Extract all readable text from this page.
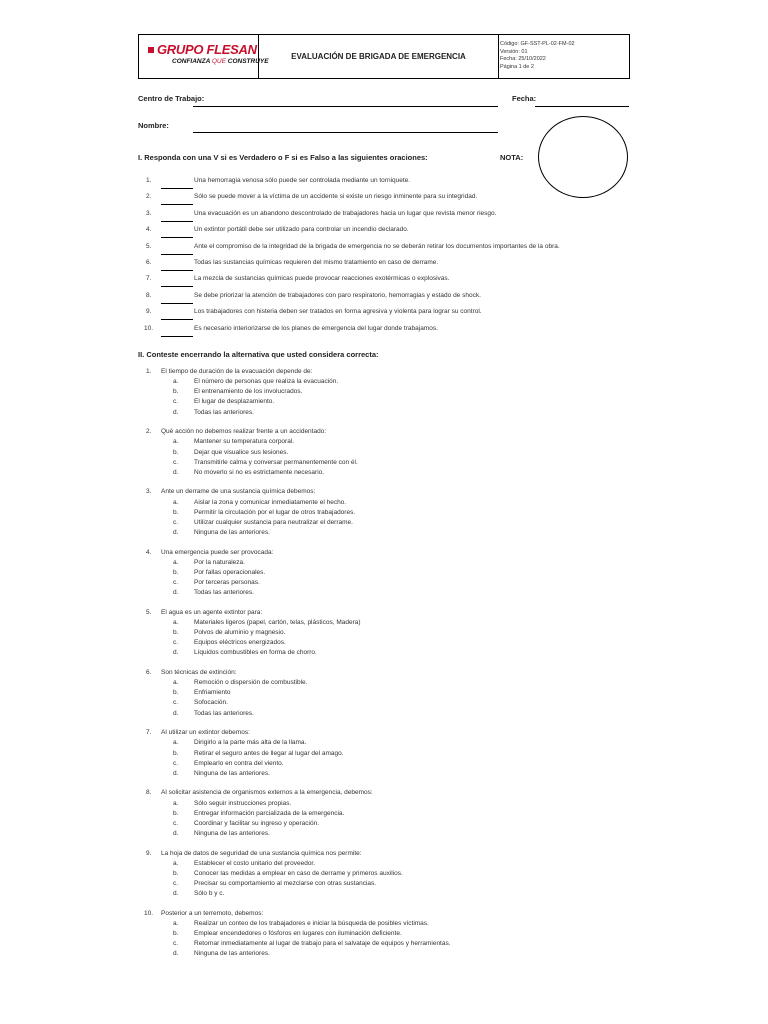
GRUPO FLESAN
CONFIANZA QUE CONSTRUYE
EVALUACIÓN DE BRIGADA DE EMERGENCIA
Código: GF-SST-PL-02-FM-02
Versión: 01
Fecha: 25/10/2022
Página 1 de 2
Centro de Trabajo:	Fecha:
Nombre:
I. Responda con una V si es Verdadero o F si es Falso a las siguientes oraciones:	NOTA:
1.	Una hemorragia venosa sólo puede ser controlada mediante un torniquete.
2.	Sólo se puede mover a la víctima de un accidente si existe un riesgo inminente para su integridad.
3.	Una evacuación es un abandono descontrolado de trabajadores hacia un lugar que revista menor riesgo.
4.	Un extintor portátil debe ser utilizado para controlar un incendio declarado.
5.	Ante el compromiso de la integridad de la brigada de emergencia no se deberán retirar los documentos importantes de la obra.
6.	Todas las sustancias químicas requieren del mismo tratamiento en caso de derrame.
7.	La mezcla de sustancias químicas puede provocar reacciones exotérmicas o explosivas.
8.	Se debe priorizar la atención de trabajadores con paro respiratorio, hemorragias y estado de shock.
9.	Los trabajadores con histeria deben ser tratados en forma agresiva y violenta para lograr su control.
10.	Es necesario interiorizarse de los planes de emergencia del lugar donde trabajamos.
II. Conteste encerrando la alternativa que usted considera correcta:
1. El tiempo de duración de la evacuación depende de:
a. El número de personas que realiza la evacuación.
b. El entrenamiento de los involucrados.
c. El lugar de desplazamiento.
d. Todas las anteriores.
2. Qué acción no debemos realizar frente a un accidentado:
a. Mantener su temperatura corporal.
b. Dejar que visualice sus lesiones.
c. Transmitirle calma y conversar permanentemente con él.
d. No moverlo si no es estrictamente necesario.
3. Ante un derrame de una sustancia química debemos:
a. Aislar la zona y comunicar inmediatamente el hecho.
b. Permitir la circulación por el lugar de otros trabajadores.
c. Utilizar cualquier sustancia para neutralizar el derrame.
d. Ninguna de las anteriores.
4. Una emergencia puede ser provocada:
a. Por la naturaleza.
b. Por fallas operacionales.
c. Por terceras personas.
d. Todas las anteriores.
5. El agua es un agente extintor para:
a. Materiales ligeros (papel, cartón, telas, plásticos, Madera)
b. Polvos de aluminio y magnesio.
c. Equipos eléctricos energizados.
d. Líquidos combustibles en forma de chorro.
6. Son técnicas de extinción:
a. Remoción o dispersión de combustible.
b. Enfriamiento
c. Sofocación.
d. Todas las anteriores.
7. Al utilizar un extintor debemos:
a. Dirigirlo a la parte más alta de la llama.
b. Retirar el seguro antes de llegar al lugar del amago.
c. Emplearlo en contra del viento.
d. Ninguna de las anteriores.
8. Al solicitar asistencia de organismos externos a la emergencia, debemos:
a. Sólo seguir instrucciones propias.
b. Entregar información parcializada de la emergencia.
c. Coordinar y facilitar su ingreso y operación.
d. Ninguna de las anteriores.
9. La hoja de datos de seguridad de una sustancia química nos permite:
a. Establecer el costo unitario del proveedor.
b. Conocer las medidas a emplear en caso de derrame y primeros auxilios.
c. Precisar su comportamiento al mezclarse con otras sustancias.
d. Sólo b y c.
10. Posterior a un terremoto, debemos:
a. Realizar un conteo de los trabajadores e iniciar la búsqueda de posibles víctimas.
b. Emplear encendedores o fósforos en lugares con iluminación deficiente.
c. Retornar inmediatamente al lugar de trabajo para el salvataje de equipos y herramientas.
d. Ninguna de las anteriores.
